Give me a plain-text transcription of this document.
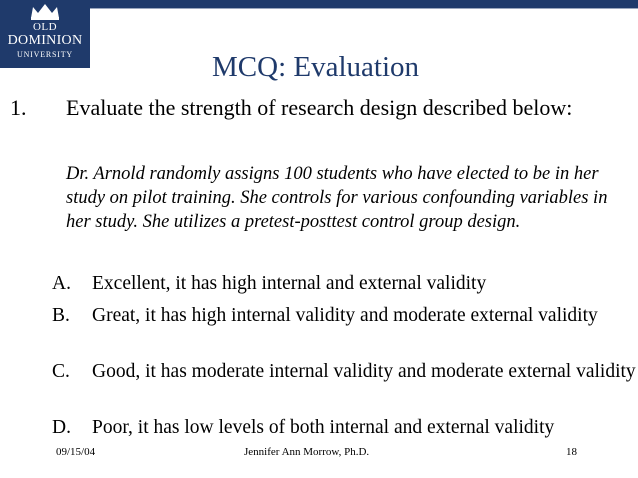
OLD
DOMINION
UNIVERSITY	MCQ: Evaluation
1. Evaluate the strength of research design described below:
Dr. Arnold randomly assigns 100 students who have elected to be in her study on pilot training. She controls for various confounding variables in her study. She utilizes a pretest-posttest control group design.
A. Excellent, it has high internal and external validity
B. Great, it has high internal validity and moderate external validity
C. Good, it has moderate internal validity and moderate external validity
D. Poor, it has low levels of both internal and external validity
09/15/04	Jennifer Ann Morrow, Ph.D.	18
